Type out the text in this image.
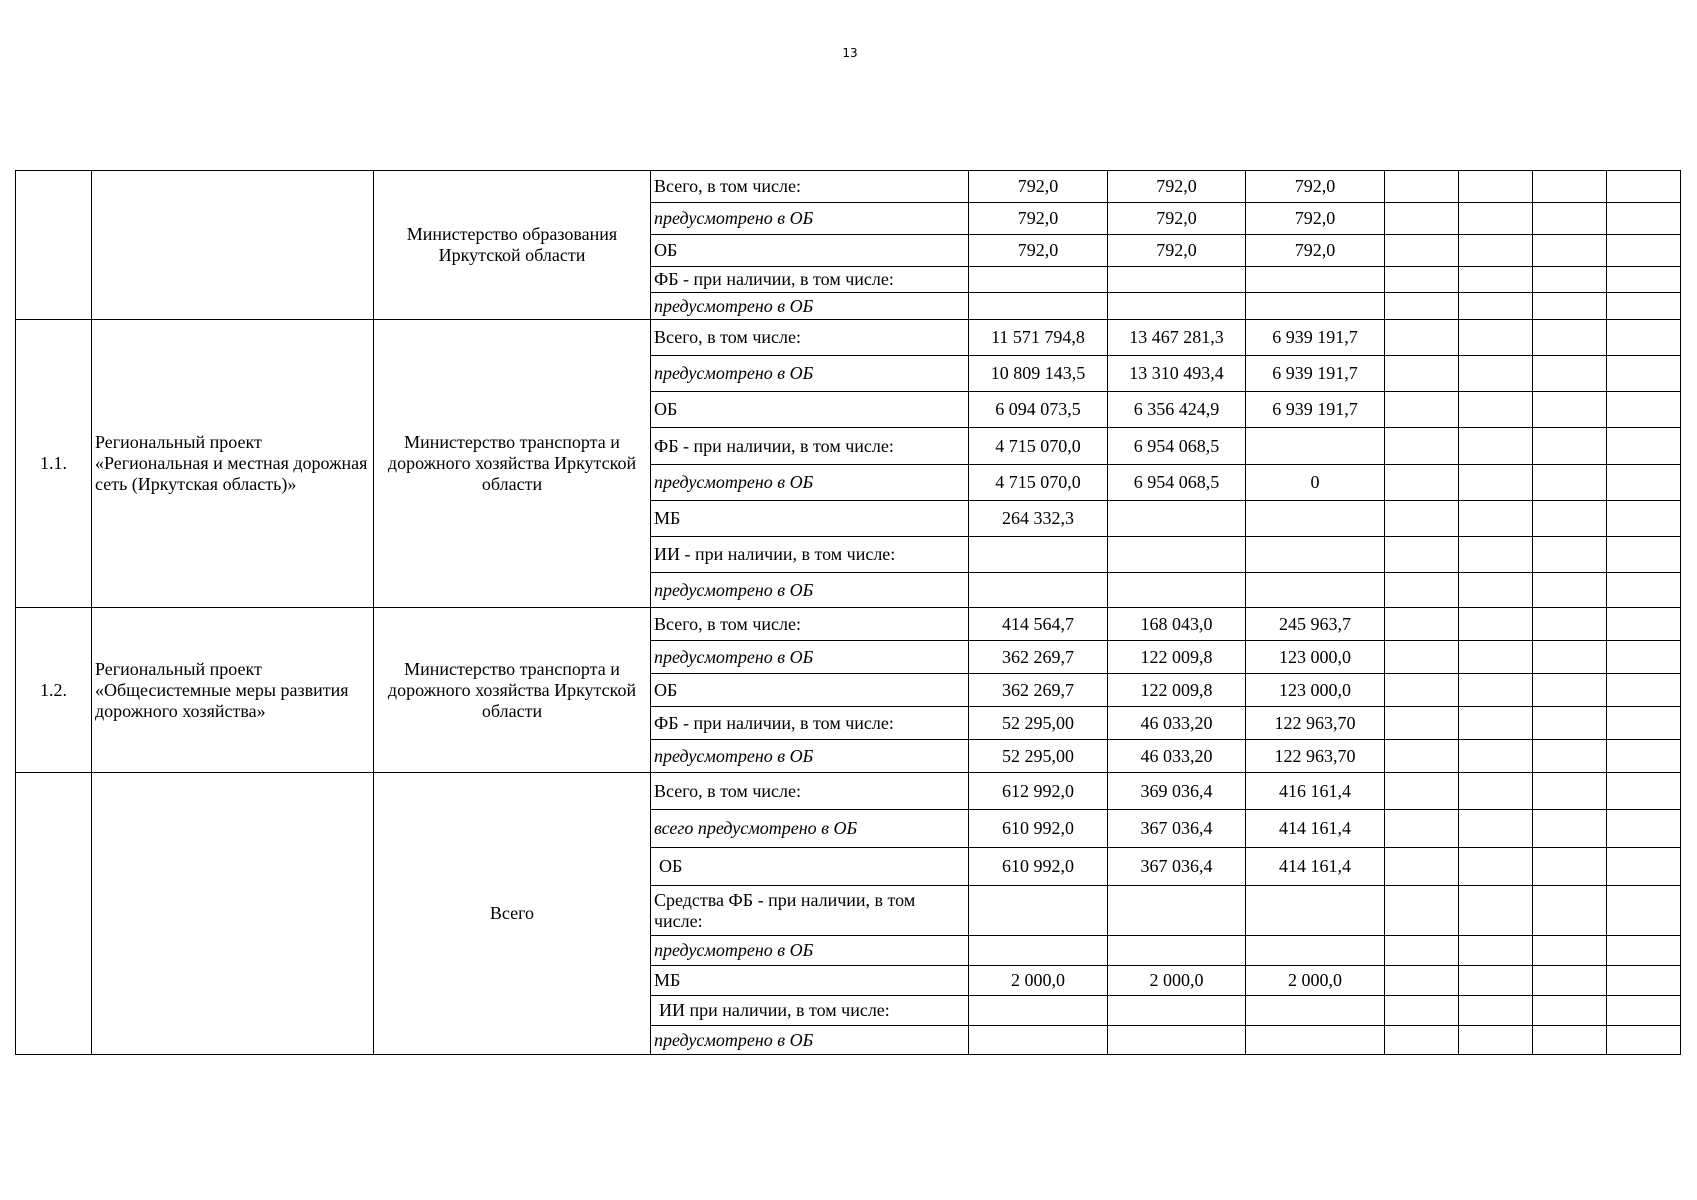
13
		Министерство образования Иркутской области	Всего, в том числе:	792,0	792,0	792,0				
			предусмотрено в ОБ	792,0	792,0	792,0				
			ОБ	792,0	792,0	792,0				
			ФБ - при наличии, в том числе:							
			предусмотрено в ОБ							
1.1.	Региональный проект «Региональная и местная дорожная сеть (Иркутская область)»	Министерство транспорта и дорожного хозяйства Иркутской области	Всего, в том числе:	11 571 794,8	13 467 281,3	6 939 191,7				
			предусмотрено в ОБ	10 809 143,5	13 310 493,4	6 939 191,7				
			ОБ	6 094 073,5	6 356 424,9	6 939 191,7				
			ФБ - при наличии, в том числе:	4 715 070,0	6 954 068,5					
			предусмотрено в ОБ	4 715 070,0	6 954 068,5	0				
			МБ	264 332,3						
			ИИ - при наличии, в том числе:							
			предусмотрено в ОБ							
1.2.	Региональный проект «Общесистемные меры развития дорожного хозяйства»	Министерство транспорта и дорожного хозяйства Иркутской области	Всего, в том числе:	414 564,7	168 043,0	245 963,7				
			предусмотрено в ОБ	362 269,7	122 009,8	123 000,0				
			ОБ	362 269,7	122 009,8	123 000,0				
			ФБ - при наличии, в том числе:	52 295,00	46 033,20	122 963,70				
			предусмотрено в ОБ	52 295,00	46 033,20	122 963,70				
		Всего	Всего, в том числе:	612 992,0	369 036,4	416 161,4				
			всего предусмотрено в ОБ	610 992,0	367 036,4	414 161,4				
			ОБ	610 992,0	367 036,4	414 161,4				
			Средства ФБ - при наличии, в том числе:							
			предусмотрено в ОБ							
			МБ	2 000,0	2 000,0	2 000,0				
			ИИ при наличии, в том числе:							
			предусмотрено в ОБ							
